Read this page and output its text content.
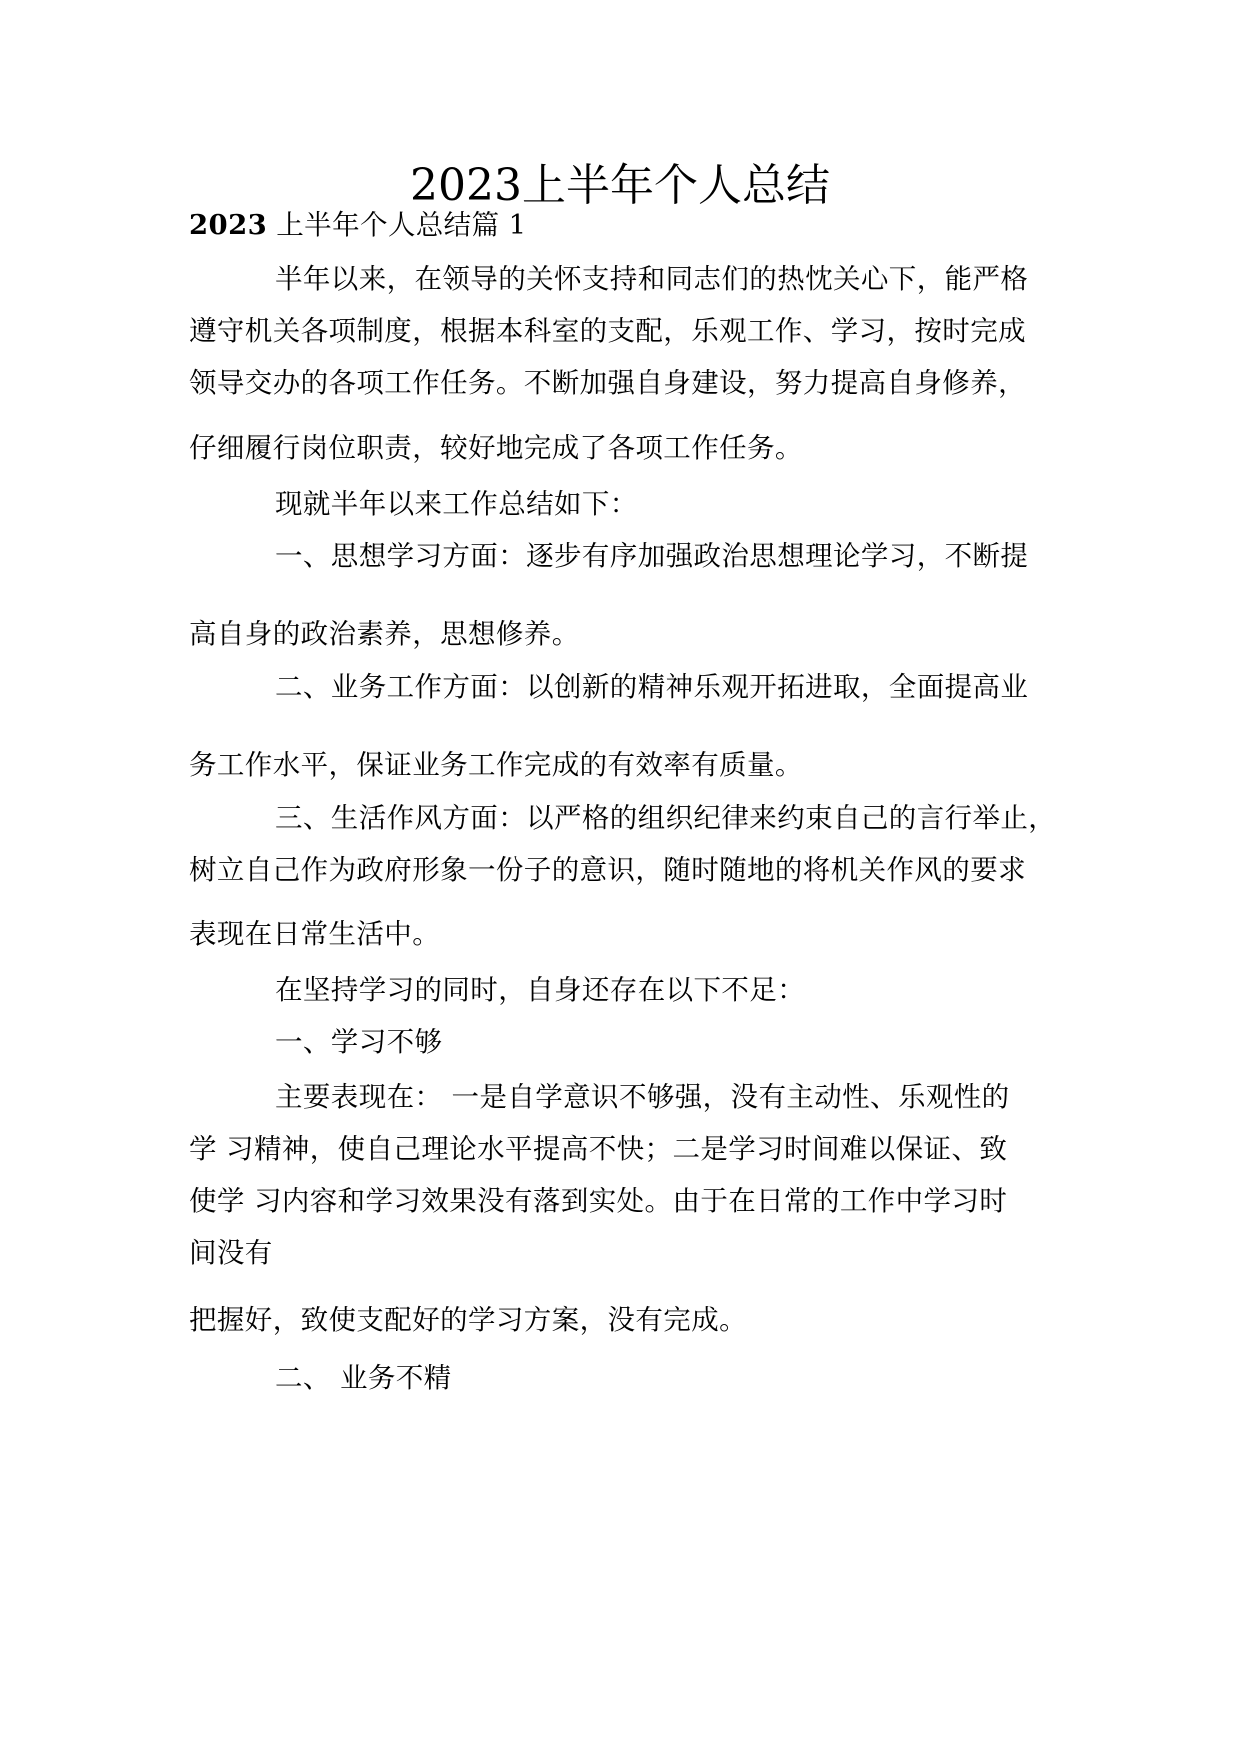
2023上半年个人总结
2023 上半年个人总结篇 1
半年以来，在领导的关怀支持和同志们的热忱关心下，能严格
遵守机关各项制度，根据本科室的支配，乐观工作、学习，按时完成
领导交办的各项工作任务。不断加强自身建设，努力提高自身修养，
仔细履行岗位职责，较好地完成了各项工作任务。
现就半年以来工作总结如下：
一、思想学习方面：逐步有序加强政治思想理论学习，不断提
高自身的政治素养，思想修养。
二、业务工作方面：以创新的精神乐观开拓进取，全面提高业
务工作水平，保证业务工作完成的有效率有质量。
三、生活作风方面：以严格的组织纪律来约束自己的言行举止，
树立自己作为政府形象一份子的意识，随时随地的将机关作风的要求
表现在日常生活中。
在坚持学习的同时，自身还存在以下不足：
一、学习不够
主要表现在： 一是自学意识不够强，没有主动性、乐观性的
学 习精神，使自己理论水平提高不快；二是学习时间难以保证、致
使学 习内容和学习效果没有落到实处。由于在日常的工作中学习时
间没有
把握好，致使支配好的学习方案，没有完成。
二、 业务不精
